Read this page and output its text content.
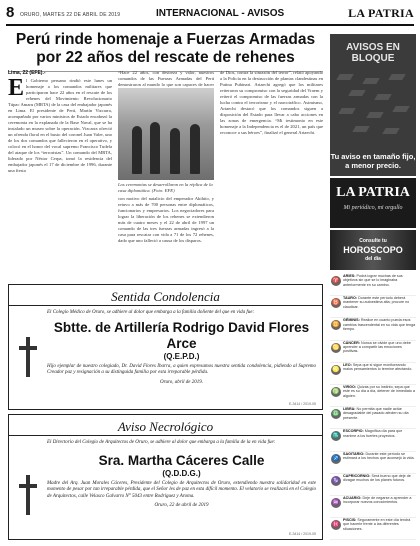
8 ORURO, MARTES 22 DE ABRIL DE 2019	INTERNACIONAL - AVISOS	LA PATRIA
Perú rinde homenaje a Fuerzas Armadas por 22 años del rescate de rehenes
Lima, 22 (EFE).-
E l Gobierno peruano rindió este lunes un homenaje a los comandos militares que participaron hace 22 años en el rescate de los rehenes del Movimiento Revolucionario Túpac Amaru (MRTA) de la casa del embajador japonés en Lima. El presidente de Perú, Martín Vizcarra, acompañado por varios ministros de Estado encabezó la ceremonia en la explanada de la Base Naval, que se ha instalado un museo sobre la operación. Vizcarra ofreció un ofrenda floral en el busto del coronel Juan Valer, uno de los dos comandos que fallecieron en el operativo, y colocó en el honor del vocal supremo Francisco Tudela del ataque de los “terroristas”. Un comando del MRTA, liderado por Néstor Cerpa, tomó la residencia del embajador japonés el 17 de diciembre de 1996, durante una fiesta
“Hace 22 años, con destreza y valor, nuestros comandos de las Fuerzas Armadas del Perú demostraron al mundo lo que son capaces de hacer
Los ceremonias se desarrollaron en la réplica de la casa diplomática. (Foto: EFE)
con motivo del natalicio del emperador Akihito, y retuvo a más de 700 personas entre diplomáticos, funcionarios y empresarios. Los negociadores para lograr la liberación de los rehenes se extendieron más de cuatro meses y el 22 de abril de 1997 un comando de las tres fuerzas armadas ingresó a la casa para rescatar con vida a 71 de los 72 rehenes, dado que uno falleció a causa de los disparos.
de Dios, contra la sinrazón del terror”, relató apoyando a la Policía en la destrucción de plantas clandestinas en Putina Pubinari. Artaechi agregó que los militares reiteraron su compromiso con la seguridad del Vraem y reiteró el compromiso de las fuerzas armadas con la lucha contra el terrorismo y el narcotráfico. Asimismo, Artaechi destacó que los comandos siguen a disposición del Estado para llevar a cabo acciones en las zonas de emergencia. “Mi testimonio en este homenaje a la Independencia es el de 2021, un país que reconoce a sus héroes”, finalizó el general Artaechi.
Sentida Condolencia

El Colegio Médico de Oruro, se adhiere al dolor que embarga a la familia doliente del que en vida fue:

Sbtte. de Artillería Rodrigo David Flores Arce

(Q.E.P.D.)

Hijo ejemplar de nuestro colegiado, Dr. David Flores Ibarra, a quien expresamos nuestra sentida condolencia, pidiendo al Supremo Creador paz y resignación a su distinguida familia por esta irreparable pérdida.

Oruro, abril de 2019.

E-3414 / 2019-05
Aviso Necrológico

El Directorio del Colegio de Arquitectos de Oruro, se adhiere al dolor que embarga a la familia de la en vida fue:

Sra. Martha Cáceres Calle

(Q.D.D.G.)

Madre del Arq. Juan Morales Cáceres, Presidente del Colegio de Arquitectos de Oruro, extendiendo nuestra solidaridad en este momento de pesar por tan irreparable pérdida, que el Señor les de paz en esta difícil momento. El velatorio se realizará en el Colegio de Arquitectos, calle Velasco Galvarro N° 5043 entre Rodríguez y Aroma.

Oruro, 22 de abril de 2019

E-3414 / 2019-05
AVISOS EN BLOQUE
Tu aviso en tamaño fijo, a menor precio.
LA PATRIA
Mi periódico, mi orgullo
Consulte tu
HOROSCOPO
del día
♈
ARIES: Podrá lograr muchas de sus objetivos sin que se lo imaginaba anteriormente en su camino.
♉
TAURO: Durante este período deberá mantener su autoestima alta; procure no claudicar.
♊
GÉMINIS: Realice en cuanto pueda esos cambios trascendental en su vida que tenga tiempo.
♋
CÁNCER: Nunca se olvide que uno debe aprender a compartir las emociones positivas.
♌
LEO: Sepa que si sigue monitoreando malos pensamientos lo termine afectando.
♍
VIRGO: Quizás por su instinto, sepa que este es su día a día, detener de inmediato a alguien.
♎
LIBRA: No permita que nadie actúe desagradable del pasado afecten su día presente.
♏
ESCORPIO: Magnifica día para que reanime a los fuertes proyectos.
♐
SAGITARIO: Durante este período se estimará a los hechos que aconsejó la vida.
♑
CAPRICORNIO: Será bueno que deje de divagar muchos de los planes futuros.
♒
ACUARIO: Deje de negarse a aprender a incorporar nuevos conocimientos.
♓
PISCIS: Seguramente en este día tendrá que hacerle frente a las diferentes situaciones.
